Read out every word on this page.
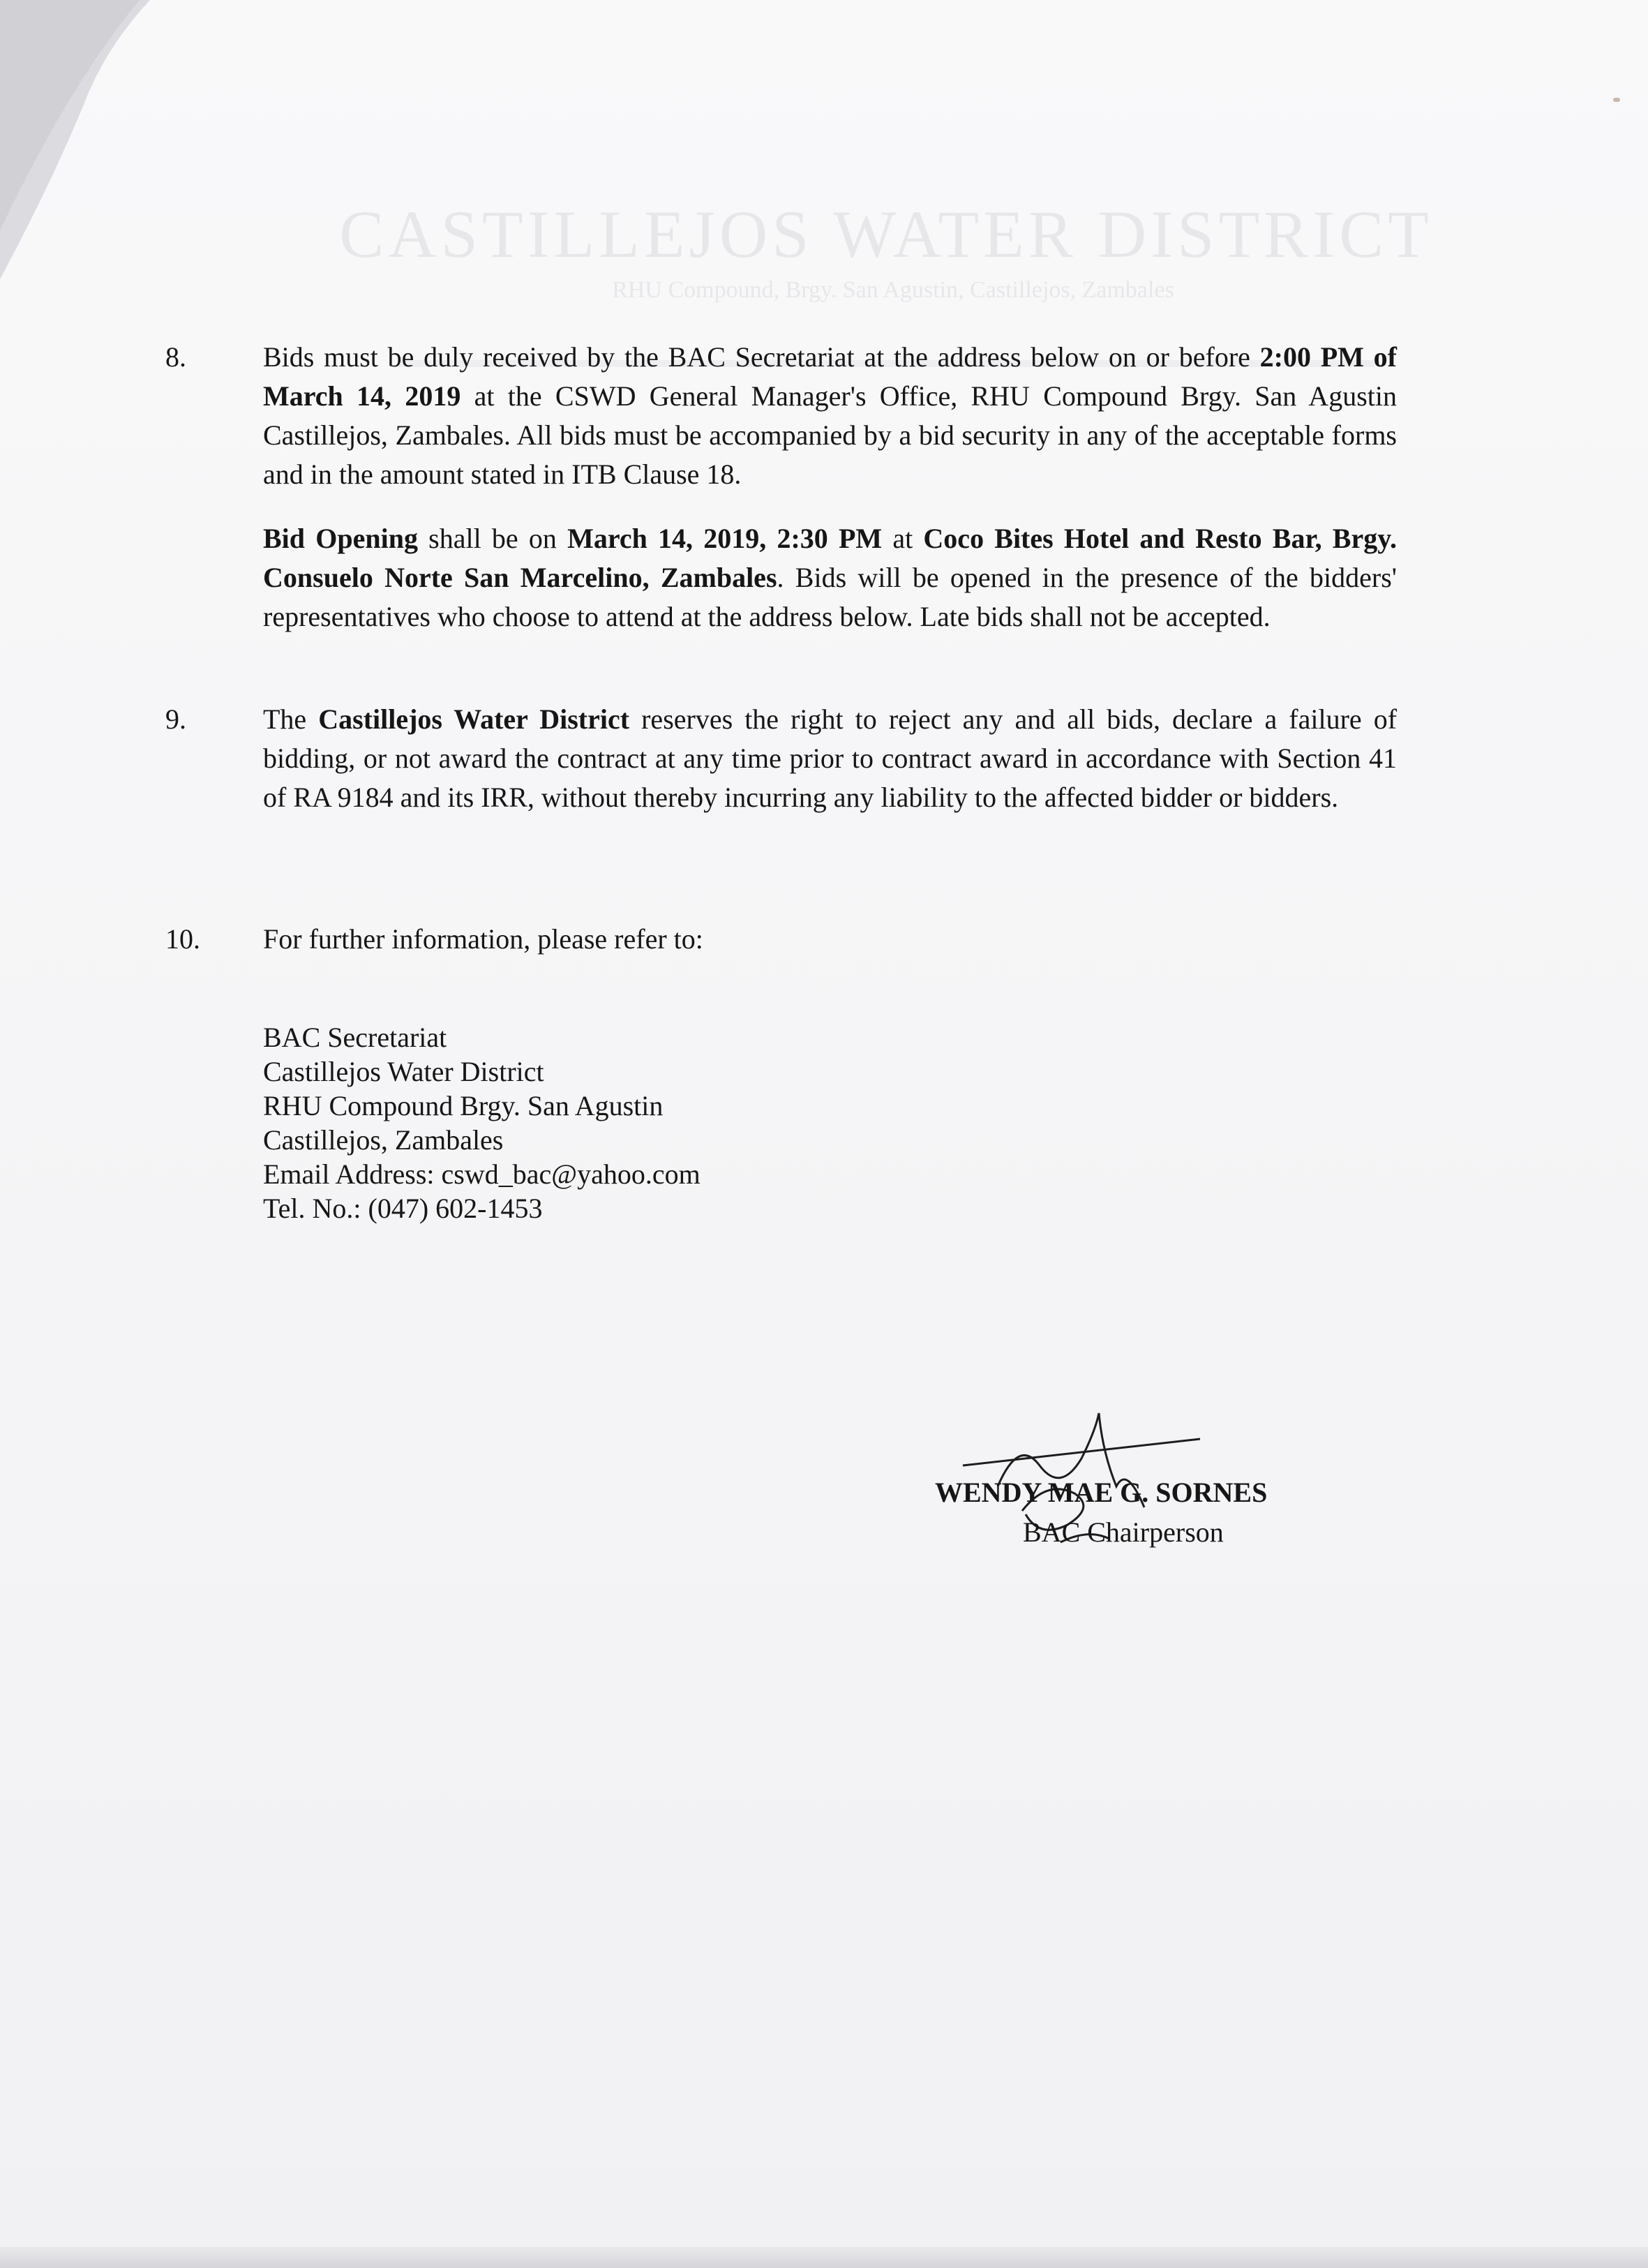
CASTILLEJOS WATER DISTRICT
RHU Compound, Brgy. San Agustin, Castillejos, Zambales
8.	Bids must be duly received by the BAC Secretariat at the address below on or before 2:00 PM of March 14, 2019 at the CSWD General Manager's Office, RHU Compound Brgy. San Agustin Castillejos, Zambales. All bids must be accompanied by a bid security in any of the acceptable forms and in the amount stated in ITB Clause 18.
Bid Opening shall be on March 14, 2019, 2:30 PM at Coco Bites Hotel and Resto Bar, Brgy. Consuelo Norte San Marcelino, Zambales. Bids will be opened in the presence of the bidders' representatives who choose to attend at the address below. Late bids shall not be accepted.
9.	The Castillejos Water District reserves the right to reject any and all bids, declare a failure of bidding, or not award the contract at any time prior to contract award in accordance with Section 41 of RA 9184 and its IRR, without thereby incurring any liability to the affected bidder or bidders.
10. For further information, please refer to:
BAC Secretariat
Castillejos Water District
RHU Compound Brgy. San Agustin
Castillejos, Zambales
Email Address: cswd_bac@yahoo.com
Tel. No.: (047) 602-1453
WENDY MAE G. SORNES
BAC Chairperson
